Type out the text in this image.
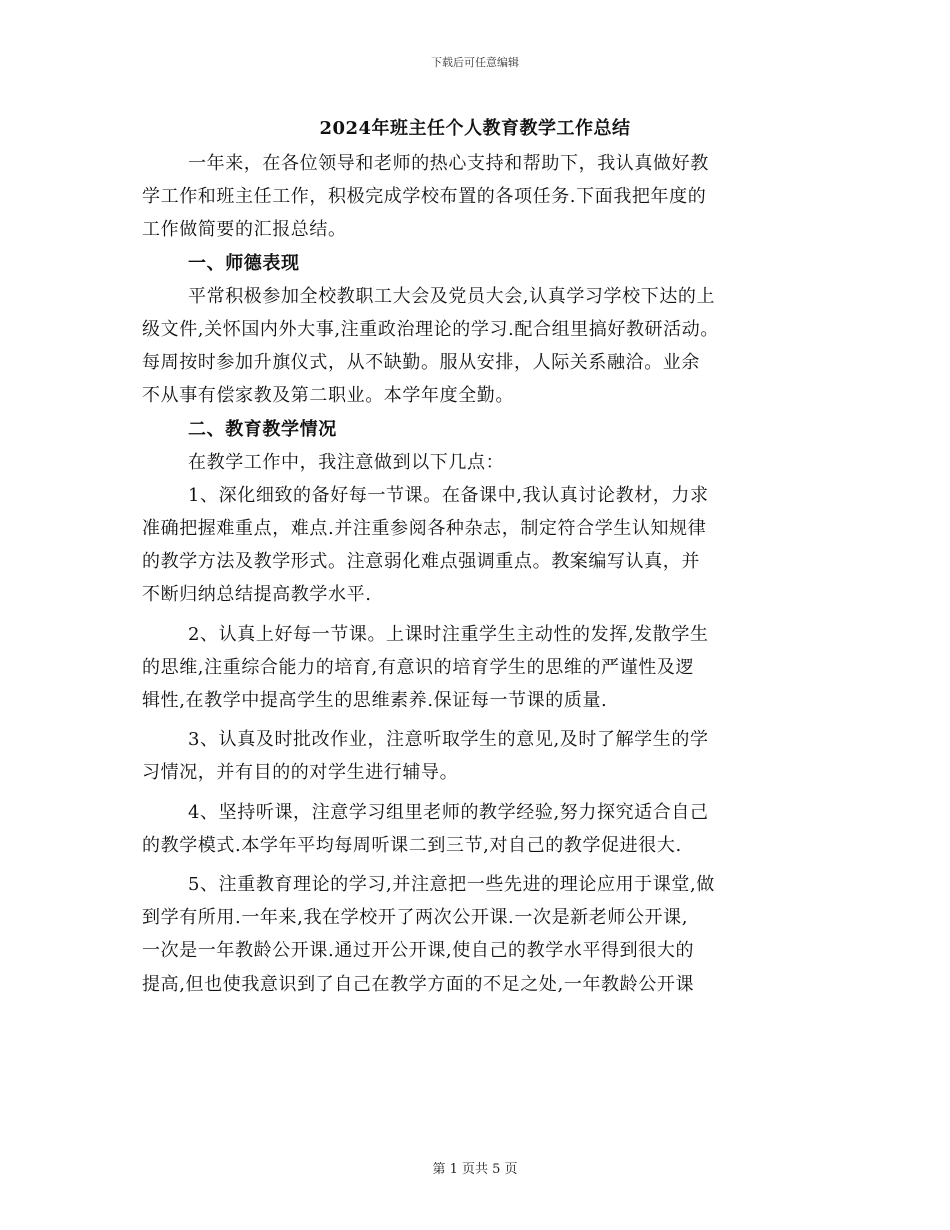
下载后可任意编辑
2024年班主任个人教育教学工作总结
一年来，在各位领导和老师的热心支持和帮助下，我认真做好教
学工作和班主任工作，积极完成学校布置的各项任务.下面我把年度的
工作做简要的汇报总结。
一、师德表现
平常积极参加全校教职工大会及党员大会,认真学习学校下达的上
级文件,关怀国内外大事,注重政治理论的学习.配合组里搞好教研活动。
每周按时参加升旗仪式，从不缺勤。服从安排，人际关系融洽。业余
不从事有偿家教及第二职业。本学年度全勤。
二、教育教学情况
在教学工作中，我注意做到以下几点：
1、深化细致的备好每一节课。在备课中,我认真讨论教材，力求
准确把握难重点，难点.并注重参阅各种杂志，制定符合学生认知规律
的教学方法及教学形式。注意弱化难点强调重点。教案编写认真，并
不断归纳总结提高教学水平.
2、认真上好每一节课。上课时注重学生主动性的发挥,发散学生
的思维,注重综合能力的培育,有意识的培育学生的思维的严谨性及逻
辑性,在教学中提高学生的思维素养.保证每一节课的质量.
3、认真及时批改作业，注意听取学生的意见,及时了解学生的学
习情况，并有目的的对学生进行辅导。
4、坚持听课，注意学习组里老师的教学经验,努力探究适合自己
的教学模式.本学年平均每周听课二到三节,对自己的教学促进很大.
5、注重教育理论的学习,并注意把一些先进的理论应用于课堂,做
到学有所用.一年来,我在学校开了两次公开课.一次是新老师公开课,
一次是一年教龄公开课.通过开公开课,使自己的教学水平得到很大的
提高,但也使我意识到了自己在教学方面的不足之处,一年教龄公开课
第 1 页共 5 页
